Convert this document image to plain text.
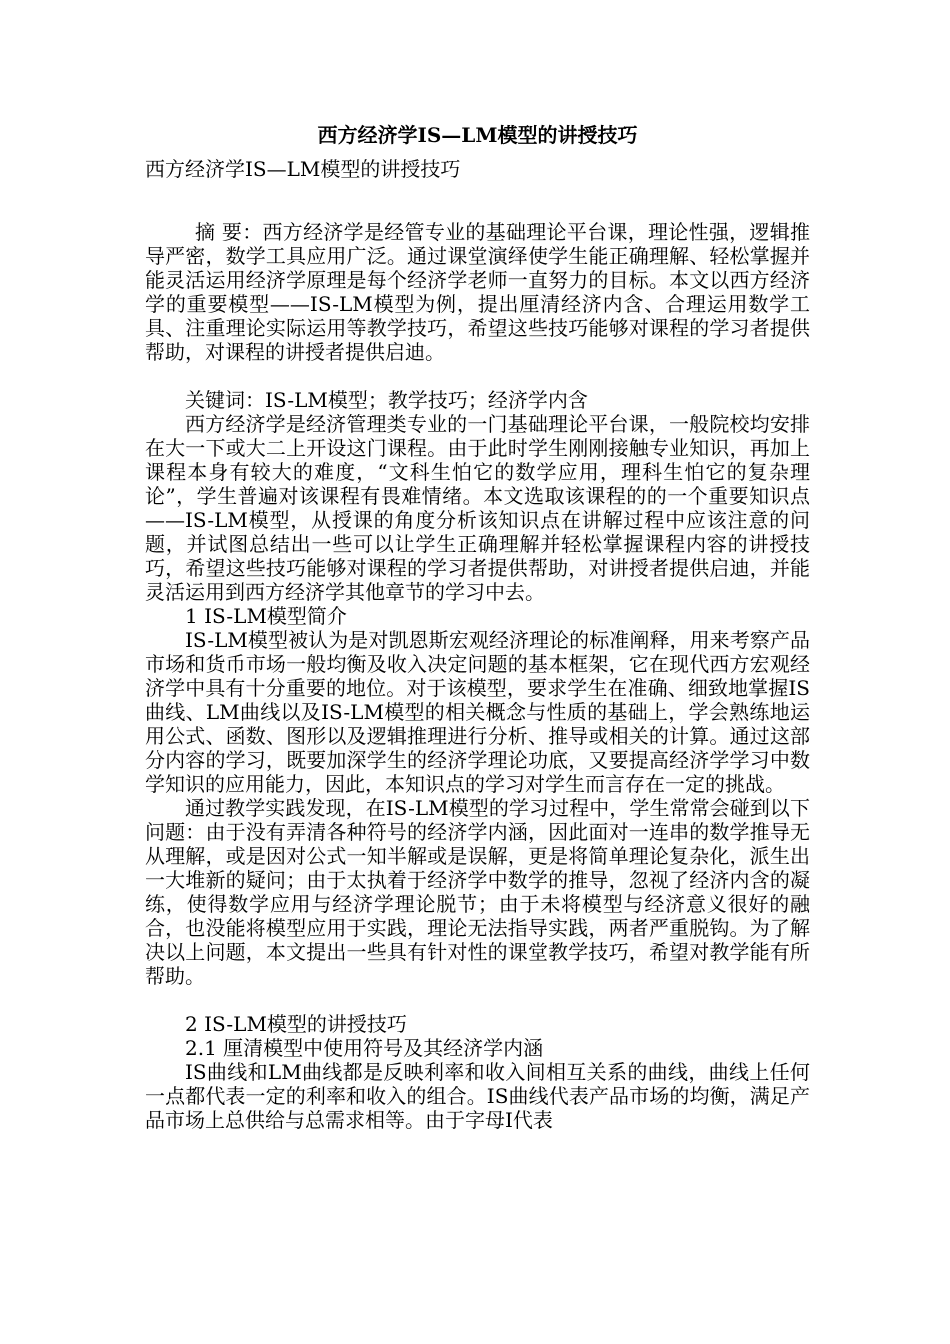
西方经济学IS—LM模型的讲授技巧
西方经济学IS—LM模型的讲授技巧

摘 要：西方经济学是经管专业的基础理论平台课，理论性强，逻辑推导严密，数学工具应用广泛。通过课堂演绎使学生能正确理解、轻松掌握并能灵活运用经济学原理是每个经济学老师一直努力的目标。本文以西方经济学的重要模型——IS-LM模型为例，提出厘清经济内含、合理运用数学工具、注重理论实际运用等教学技巧，希望这些技巧能够对课程的学习者提供帮助，对课程的讲授者提供启迪。

关键词：IS-LM模型；教学技巧；经济学内含

西方经济学是经济管理类专业的一门基础理论平台课，一般院校均安排在大一下或大二上开设这门课程。由于此时学生刚刚接触专业知识，再加上课程本身有较大的难度，“文科生怕它的数学应用，理科生怕它的复杂理论”，学生普遍对该课程有畏难情绪。本文选取该课程的的一个重要知识点——IS-LM模型，从授课的角度分析该知识点在讲解过程中应该注意的问题，并试图总结出一些可以让学生正确理解并轻松掌握课程内容的讲授技巧，希望这些技巧能够对课程的学习者提供帮助，对讲授者提供启迪，并能灵活运用到西方经济学其他章节的学习中去。

1 IS-LM模型简介

IS-LM模型被认为是对凯恩斯宏观经济理论的标准阐释，用来考察产品市场和货币市场一般均衡及收入决定问题的基本框架，它在现代西方宏观经济学中具有十分重要的地位。对于该模型，要求学生在准确、细致地掌握IS曲线、LM曲线以及IS-LM模型的相关概念与性质的基础上，学会熟练地运用公式、函数、图形以及逻辑推理进行分析、推导或相关的计算。通过这部分内容的学习，既要加深学生的经济学理论功底，又要提高经济学学习中数学知识的应用能力，因此，本知识点的学习对学生而言存在一定的挑战。

通过教学实践发现，在IS-LM模型的学习过程中，学生常常会碰到以下问题：由于没有弄清各种符号的经济学内涵，因此面对一连串的数学推导无从理解，或是因对公式一知半解或是误解，更是将简单理论复杂化，派生出一大堆新的疑问；由于太执着于经济学中数学的推导，忽视了经济内含的凝练，使得数学应用与经济学理论脱节；由于未将模型与经济意义很好的融合，也没能将模型应用于实践，理论无法指导实践，两者严重脱钩。为了解决以上问题，本文提出一些具有针对性的课堂教学技巧，希望对教学能有所帮助。

2 IS-LM模型的讲授技巧

2.1 厘清模型中使用符号及其经济学内涵

IS曲线和LM曲线都是反映利率和收入间相互关系的曲线，曲线上任何一点都代表一定的利率和收入的组合。IS曲线代表产品市场的均衡，满足产品市场上总供给与总需求相等。由于字母I代表
